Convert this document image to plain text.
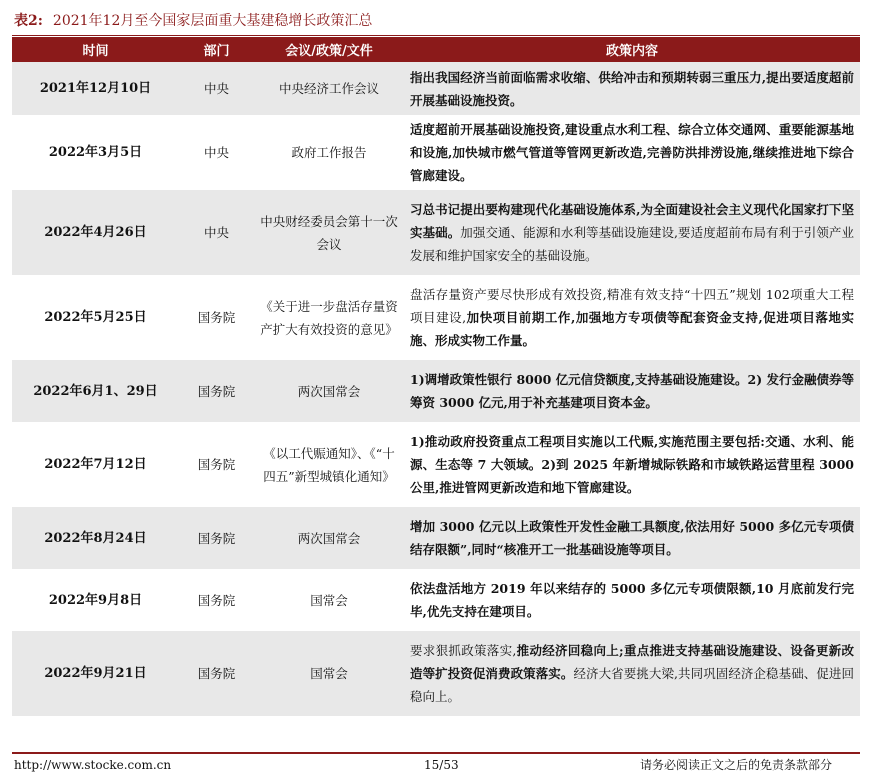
表2: 2021年12月至今国家层面重大基建稳增长政策汇总
时间	部门	会议/政策/文件	政策内容
2021年12月10日	中央	中央经济工作会议	指出我国经济当前面临需求收缩、供给冲击和预期转弱三重压力,提出要适度超前开展基础设施投资。
2022年3月5日	中央	政府工作报告	适度超前开展基础设施投资,建设重点水利工程、综合立体交通网、重要能源基地和设施,加快城市燃气管道等管网更新改造,完善防洪排涝设施,继续推进地下综合管廊建设。
2022年4月26日	中央	中央财经委员会第十一次会议	习总书记提出要构建现代化基础设施体系,为全面建设社会主义现代化国家打下坚实基础。加强交通、能源和水利等基础设施建设,要适度超前布局有利于引领产业发展和维护国家安全的基础设施。
2022年5月25日	国务院	《关于进一步盘活存量资产扩大有效投资的意见》	盘活存量资产要尽快形成有效投资,精准有效支持“十四五”规划 102项重大工程项目建设,加快项目前期工作,加强地方专项债等配套资金支持,促进项目落地实施、形成实物工作量。
2022年6月1、29日	国务院	两次国常会	1)调增政策性银行 8000 亿元信贷额度,支持基础设施建设。2) 发行金融债券等筹资 3000 亿元,用于补充基建项目资本金。
2022年7月12日	国务院	《以工代赈通知》、《“十四五”新型城镇化通知》	1)推动政府投资重点工程项目实施以工代赈,实施范围主要包括:交通、水利、能源、生态等 7 大领域。2)到 2025 年新增城际铁路和市域铁路运营里程 3000 公里,推进管网更新改造和地下管廊建设。
2022年8月24日	国务院	两次国常会	增加 3000 亿元以上政策性开发性金融工具额度,依法用好 5000 多亿元专项债结存限额”,同时“核准开工一批基础设施等项目。
2022年9月8日	国务院	国常会	依法盘活地方 2019 年以来结存的 5000 多亿元专项债限额,10 月底前发行完毕,优先支持在建项目。
2022年9月21日	国务院	国常会	要求狠抓政策落实,推动经济回稳向上;重点推进支持基础设施建设、设备更新改造等扩投资促消费政策落实。经济大省要挑大梁,共同巩固经济企稳基础、促进回稳向上。
http://www.stocke.com.cn	15/53	请务必阅读正文之后的免责条款部分
